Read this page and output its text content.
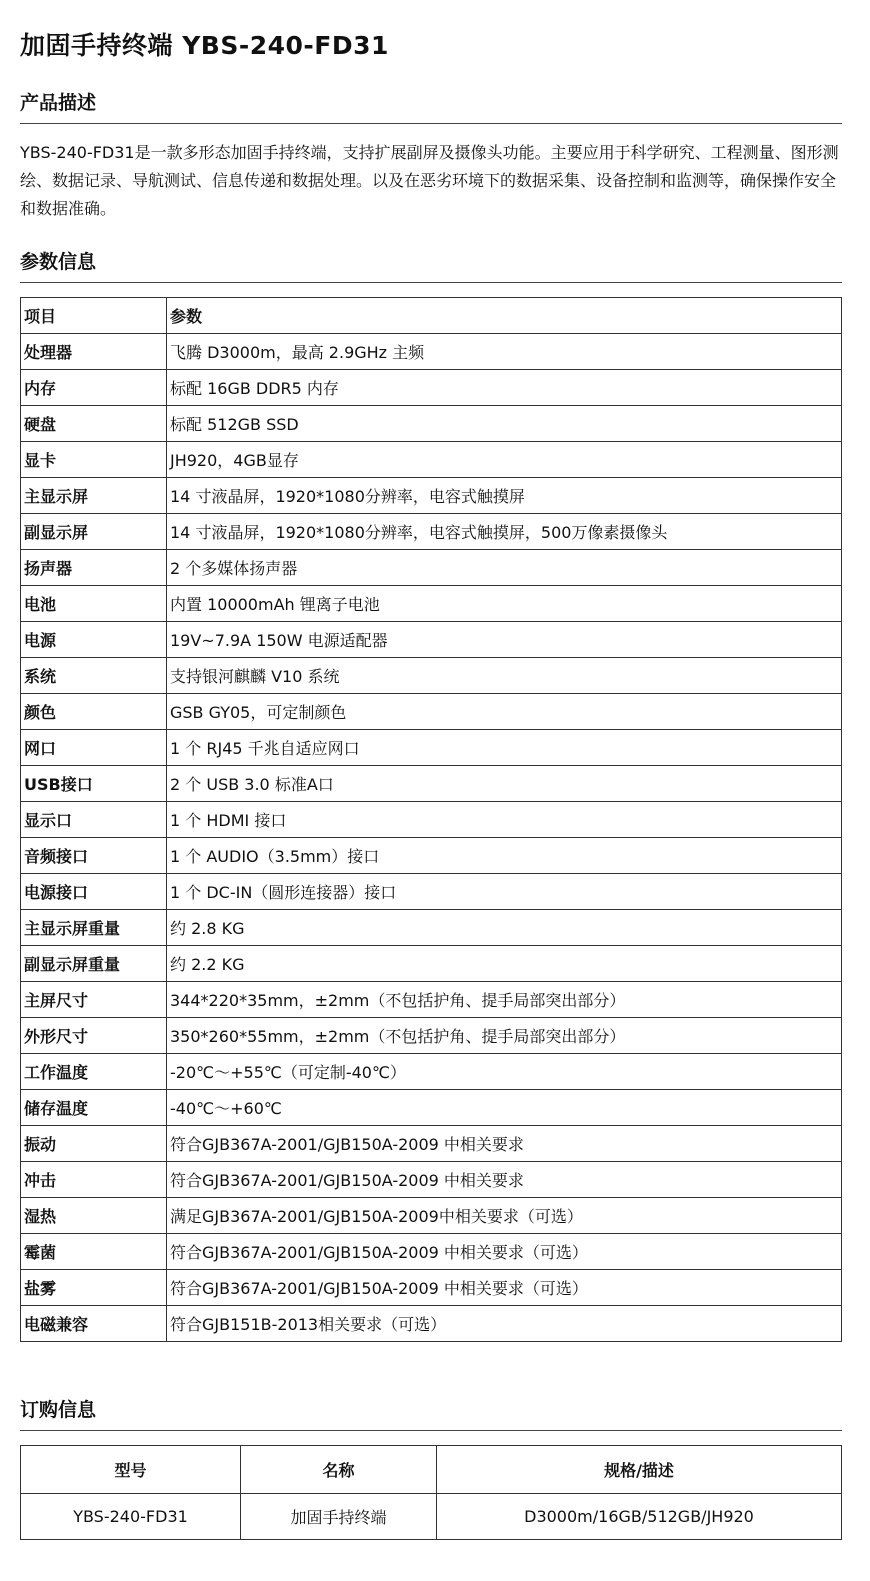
加固手持终端 YBS-240-FD31
产品描述

YBS-240-FD31是一款多形态加固手持终端，支持扩展副屏及摄像头功能。主要应用于科学研究、工程测量、图形测绘、数据记录、导航测试、信息传递和数据处理。以及在恶劣环境下的数据采集、设备控制和监测等，确保操作安全和数据准确。

参数信息
项目	参数
处理器	飞腾 D3000m，最高 2.9GHz 主频
内存	标配 16GB DDR5 内存
硬盘	标配 512GB SSD
显卡	JH920，4GB显存
主显示屏	14 寸液晶屏，1920*1080分辨率，电容式触摸屏
副显示屏	14 寸液晶屏，1920*1080分辨率，电容式触摸屏，500万像素摄像头
扬声器	2 个多媒体扬声器
电池	内置 10000mAh 锂离子电池
电源	19V~7.9A 150W 电源适配器
系统	支持银河麒麟 V10 系统
颜色	GSB GY05，可定制颜色
网口	1 个 RJ45 千兆自适应网口
USB接口	2 个 USB 3.0 标准A口
显示口	1 个 HDMI 接口
音频接口	1 个 AUDIO（3.5mm）接口
电源接口	1 个 DC-IN（圆形连接器）接口
主显示屏重量	约 2.8 KG
副显示屏重量	约 2.2 KG
主屏尺寸	344*220*35mm，±2mm（不包括护角、提手局部突出部分）
外形尺寸	350*260*55mm，±2mm（不包括护角、提手局部突出部分）
工作温度	-20℃～+55℃（可定制-40℃）
储存温度	-40℃～+60℃
振动	符合GJB367A-2001/GJB150A-2009 中相关要求
冲击	符合GJB367A-2001/GJB150A-2009 中相关要求
湿热	满足GJB367A-2001/GJB150A-2009中相关要求（可选）
霉菌	符合GJB367A-2001/GJB150A-2009 中相关要求（可选）
盐雾	符合GJB367A-2001/GJB150A-2009 中相关要求（可选）
电磁兼容	符合GJB151B-2013相关要求（可选）
订购信息
型号	名称	规格/描述
YBS-240-FD31	加固手持终端	D3000m/16GB/512GB/JH920
